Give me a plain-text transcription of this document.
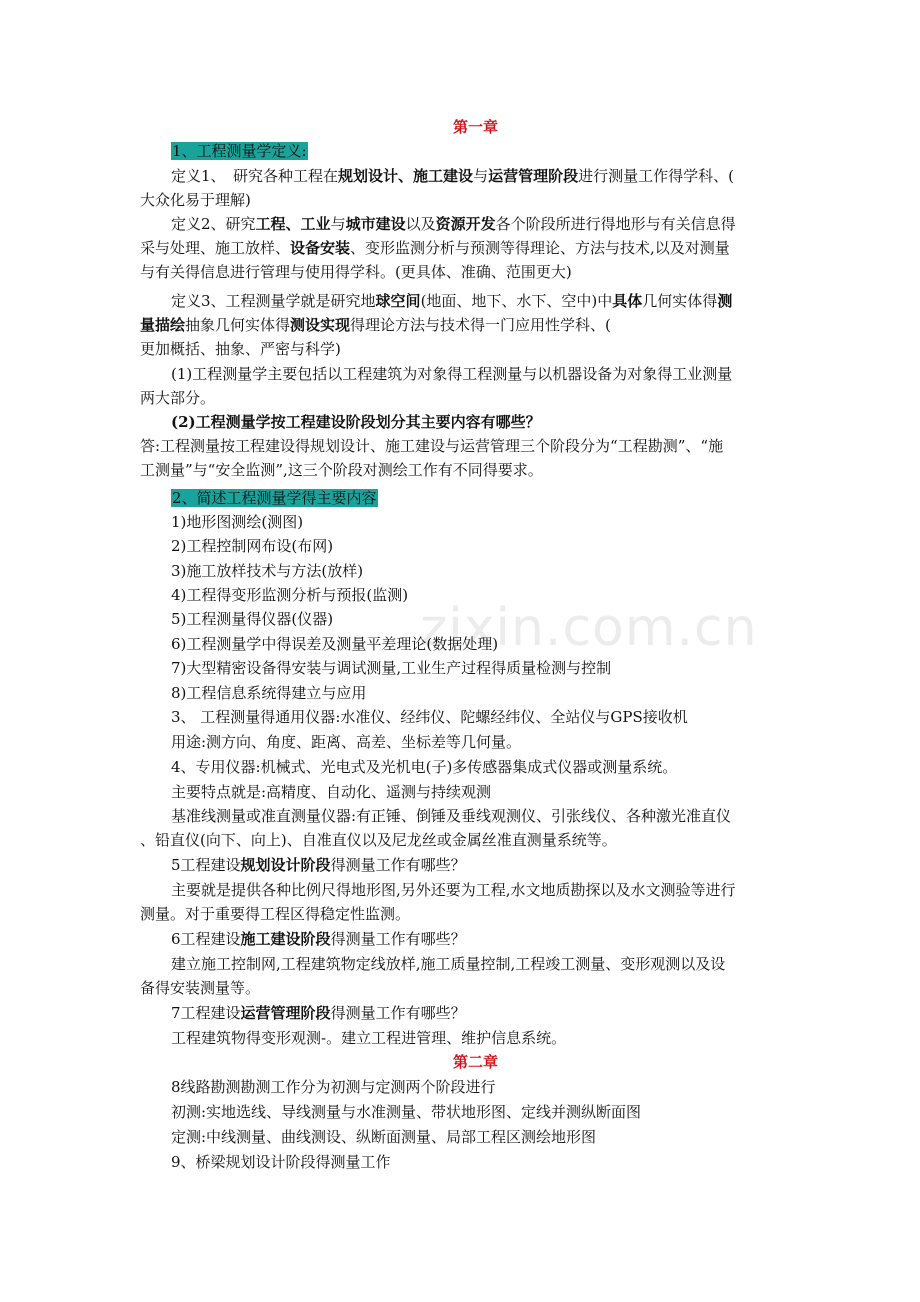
zixin.com.cn
第一章
1、工程测量学定义:
定义1、　研究各种工程在规划设计、施工建设与运营管理阶段进行测量工作得学科、(
大众化易于理解)
定义2、研究工程、工业与城市建设以及资源开发各个阶段所进行得地形与有关信息得
采与处理、施工放样、设备安装、变形监测分析与预测等得理论、方法与技术,以及对测量
与有关得信息进行管理与使用得学科。(更具体、准确、范围更大)
定义3、工程测量学就是研究地球空间(地面、地下、水下、空中)中具体几何实体得测
量描绘抽象几何实体得测设实现得理论方法与技术得一门应用性学科、(
更加概括、抽象、严密与科学)
(1)工程测量学主要包括以工程建筑为对象得工程测量与以机器设备为对象得工业测量
两大部分。
(2)工程测量学按工程建设阶段划分其主要内容有哪些？
答:工程测量按工程建设得规划设计、施工建设与运营管理三个阶段分为“工程勘测”、“施
工测量”与“安全监测”,这三个阶段对测绘工作有不同得要求。
2、简述工程测量学得主要内容
1)地形图测绘(测图)
2)工程控制网布设(布网)
3)施工放样技术与方法(放样)
4)工程得变形监测分析与预报(监测)
5)工程测量得仪器(仪器)
6)工程测量学中得误差及测量平差理论(数据处理)
7)大型精密设备得安装与调试测量,工业生产过程得质量检测与控制
8)工程信息系统得建立与应用
3、 工程测量得通用仪器:水准仪、经纬仪、陀螺经纬仪、全站仪与GPS接收机
用途:测方向、角度、距离、高差、坐标差等几何量。
4、专用仪器:机械式、光电式及光机电(子)多传感器集成式仪器或测量系统。
主要特点就是:高精度、自动化、遥测与持续观测
基准线测量或准直测量仪器:有正锤、倒锤及垂线观测仪、引张线仪、各种激光准直仪
、铅直仪(向下、向上)、自准直仪以及尼龙丝或金属丝准直测量系统等。
5工程建设规划设计阶段得测量工作有哪些？
主要就是提供各种比例尺得地形图,另外还要为工程,水文地质勘探以及水文测验等进行
测量。对于重要得工程区得稳定性监测。
6工程建设施工建设阶段得测量工作有哪些？
建立施工控制网,工程建筑物定线放样,施工质量控制,工程竣工测量、变形观测以及设
备得安装测量等。
7工程建设运营管理阶段得测量工作有哪些？
工程建筑物得变形观测-。建立工程进管理、维护信息系统。
第二章
8线路勘测勘测工作分为初测与定测两个阶段进行
初测:实地选线、导线测量与水准测量、带状地形图、定线并测纵断面图
定测:中线测量、曲线测设、纵断面测量、局部工程区测绘地形图
9、桥梁规划设计阶段得测量工作
